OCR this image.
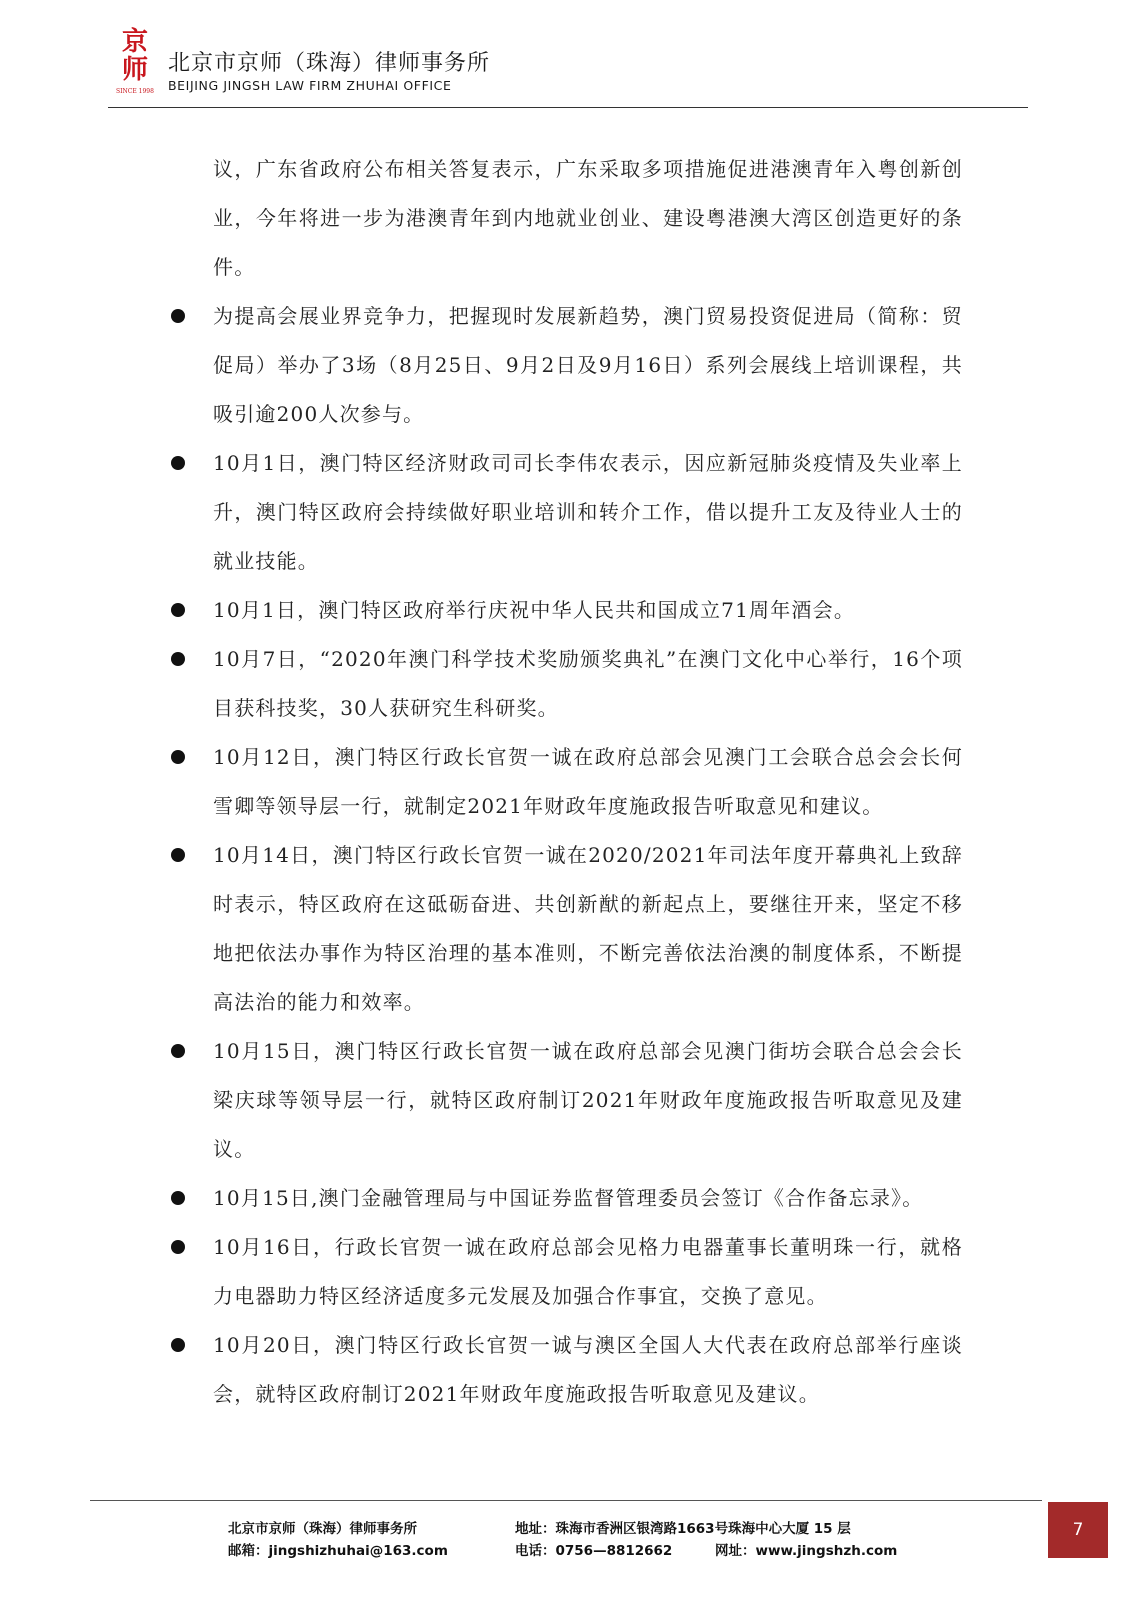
京
师
SINCE 1998
北京市京师（珠海）律师事务所
BEIJING JINGSH LAW FIRM ZHUHAI OFFICE
议，广东省政府公布相关答复表示，广东采取多项措施促进港澳青年入粤创新创业，今年将进一步为港澳青年到内地就业创业、建设粤港澳大湾区创造更好的条件。
为提高会展业界竞争力，把握现时发展新趋势，澳门贸易投资促进局（简称：贸促局）举办了3场（8月25日、9月2日及9月16日）系列会展线上培训课程，共吸引逾200人次参与。
10月1日，澳门特区经济财政司司长李伟农表示，因应新冠肺炎疫情及失业率上升，澳门特区政府会持续做好职业培训和转介工作，借以提升工友及待业人士的就业技能。
10月1日，澳门特区政府举行庆祝中华人民共和国成立71周年酒会。
10月7日，“2020年澳门科学技术奖励颁奖典礼”在澳门文化中心举行，16个项目获科技奖，30人获研究生科研奖。
10月12日，澳门特区行政长官贺一诚在政府总部会见澳门工会联合总会会长何雪卿等领导层一行，就制定2021年财政年度施政报告听取意见和建议。
10月14日，澳门特区行政长官贺一诚在2020/2021年司法年度开幕典礼上致辞时表示，特区政府在这砥砺奋进、共创新猷的新起点上，要继往开来，坚定不移地把依法办事作为特区治理的基本准则，不断完善依法治澳的制度体系，不断提高法治的能力和效率。
10月15日，澳门特区行政长官贺一诚在政府总部会见澳门街坊会联合总会会长梁庆球等领导层一行，就特区政府制订2021年财政年度施政报告听取意见及建议。
10月15日,澳门金融管理局与中国证券监督管理委员会签订《合作备忘录》。
10月16日，行政长官贺一诚在政府总部会见格力电器董事长董明珠一行，就格力电器助力特区经济适度多元发展及加强合作事宜，交换了意见。
10月20日，澳门特区行政长官贺一诚与澳区全国人大代表在政府总部举行座谈会，就特区政府制订2021年财政年度施政报告听取意见及建议。
北京市京师（珠海）律师事务所
邮箱：jingshizhuhai@163.com
地址：珠海市香洲区银湾路1663号珠海中心大厦 15 层
电话：0756—8812662	网址：www.jingshzh.com
7
